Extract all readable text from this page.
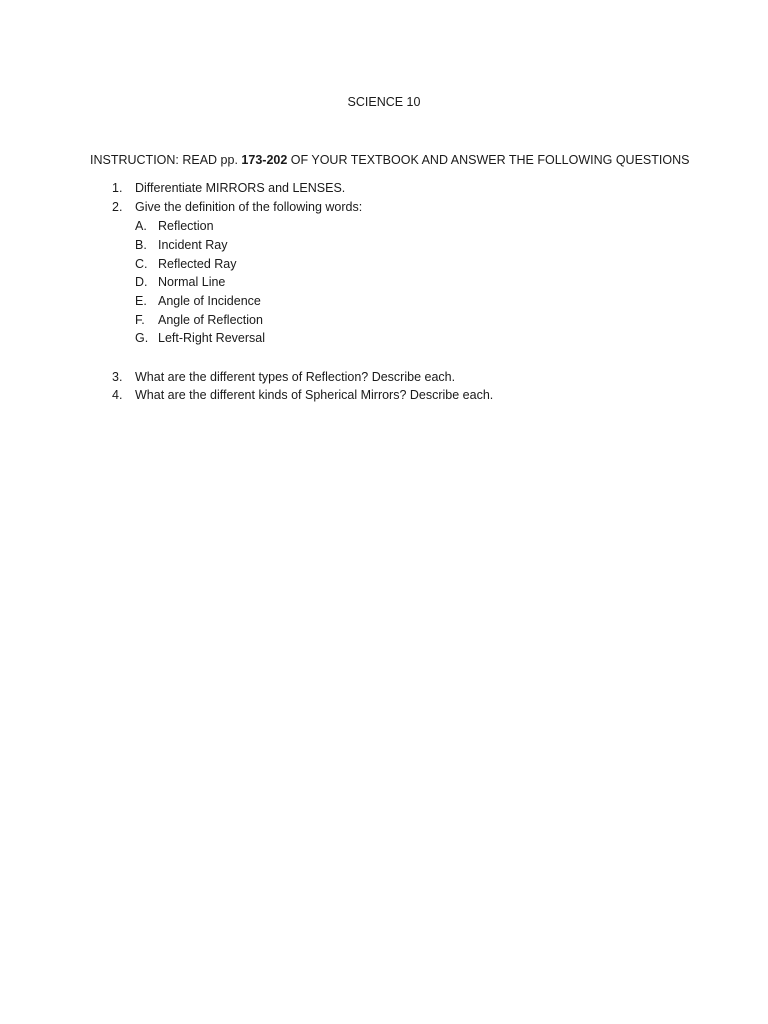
SCIENCE 10
INSTRUCTION: READ pp. 173-202 OF YOUR TEXTBOOK AND ANSWER THE FOLLOWING QUESTIONS
1. Differentiate MIRRORS and LENSES.
2. Give the definition of the following words:
A. Reflection
B. Incident Ray
C. Reflected Ray
D. Normal Line
E. Angle of Incidence
F. Angle of Reflection
G. Left-Right Reversal
3. What are the different types of Reflection? Describe each.
4. What are the different kinds of Spherical Mirrors? Describe each.
